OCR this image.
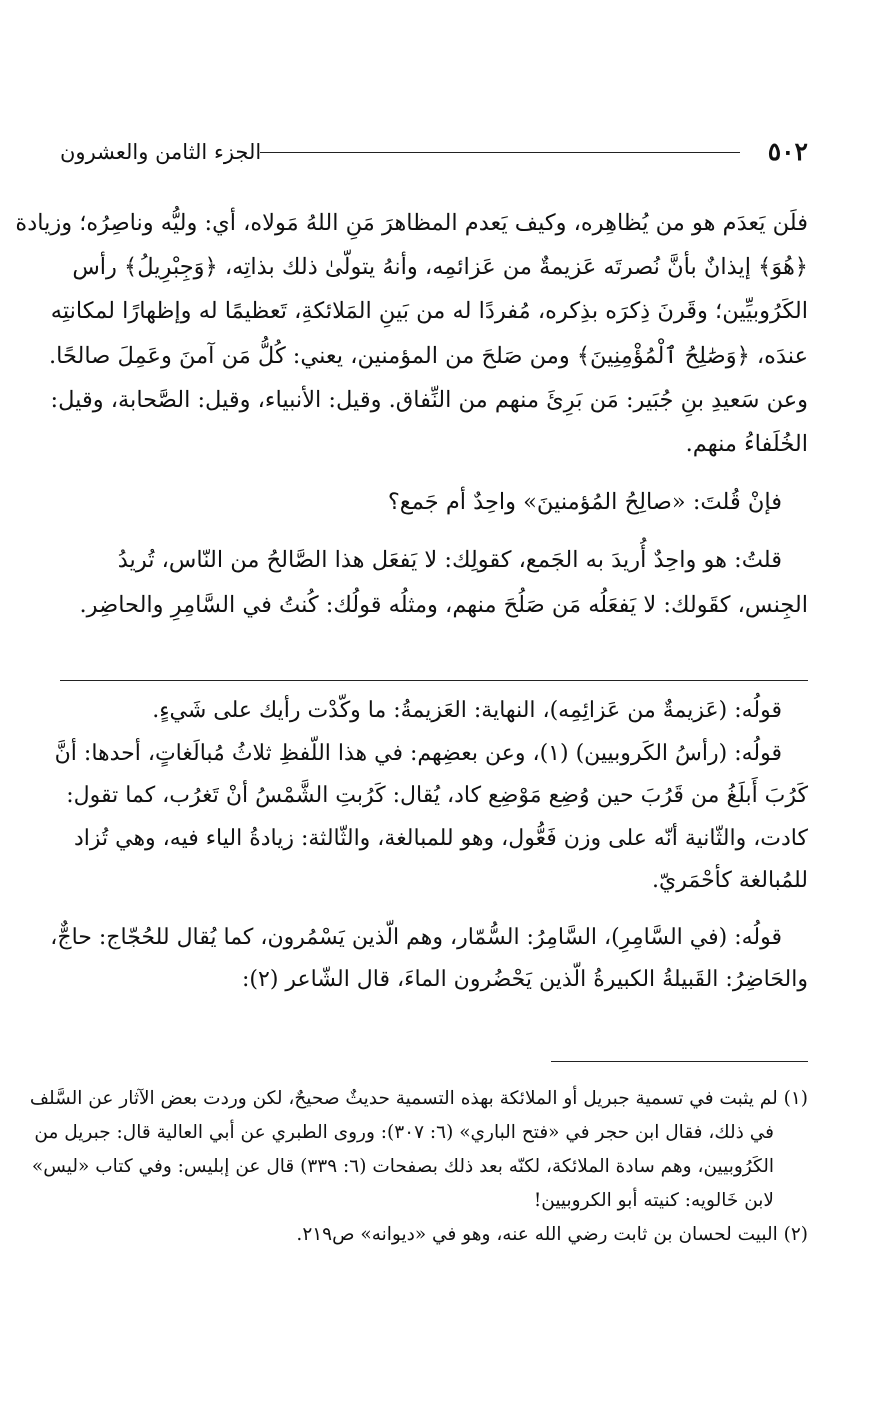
٥٠٢
الجزء الثامن والعشرون
فلَن يَعدَم هو من يُظاهِره، وكيف يَعدم المظاهرَ مَنِ اللهُ مَولاه، أي: وليُّه وناصِرُه؛ وزيادة
﴿هُوَ﴾ إيذانٌ بأنَّ نُصرتَه عَزيمةٌ من عَزائمِه، وأنهُ يتولّىٰ ذلك بذاتِه، ﴿وَجِبْرِيلُ﴾ رأس
الكَرُوبيِّين؛ وقَرنَ ذِكرَه بذِكره، مُفردًا له من بَينِ المَلائكةِ، تَعظيمًا له وإظهارًا لمكانتِه
عندَه، ﴿وَصَٰلِحُ ٱلْمُؤْمِنِينَ﴾ ومن صَلحَ من المؤمنين، يعني: كُلُّ مَن آمنَ وعَمِلَ صالحًا.
وعن سَعيدِ بنِ جُبَير: مَن بَرِئَ منهم من النِّفاق. وقيل: الأنبياء، وقيل: الصَّحابة، وقيل:
الخُلَفاءُ منهم.
فإنْ قُلتَ: «صالِحُ المُؤمنينَ» واحِدٌ أم جَمع؟
قلتُ: هو واحِدٌ أُريدَ به الجَمع، كقولِك: لا يَفعَل هذا الصَّالحُ من النّاس، تُريدُ
الجِنس، كقَولك: لا يَفعَلُه مَن صَلُحَ منهم، ومثلُه قولُك: كُنتُ في السَّامِرِ والحاضِر.
قولُه: (عَزيمةٌ من عَزائِمِه)، النهاية: العَزيمةُ: ما وكّدْت رأيك على شَيءٍ.
قولُه: (رأسُ الكَروبيين) (١)، وعن بعضِهم: في هذا اللّفظِ ثلاثُ مُبالَغاتٍ، أحدها: أنَّ
كَرُبَ أَبلَغُ من قَرُبَ حين وُضِع مَوْضِع كاد، يُقال: كَرُبتِ الشَّمْسُ أنْ تَغرُب، كما تقول:
كادت، والثّانية أنّه على وزن فَعُّول، وهو للمبالغة، والثّالثة: زيادةُ الياء فيه، وهي تُزاد
للمُبالغة كأحْمَريّ.
قولُه: (في السَّامِرِ)، السَّامِرُ: السُّمّار، وهم الّذين يَسْمُرون، كما يُقال للحُجّاج: حاجٌّ،
والحَاضِرُ: القَبيلةُ الكبيرةُ الّذين يَحْضُرون الماءَ، قال الشّاعر (٢):
(١) لم يثبت في تسمية جبريل أو الملائكة بهذه التسمية حديثٌ صحيحٌ، لكن وردت بعض الآثار عن السَّلف
في ذلك، فقال ابن حجر في «فتح الباري» (٦: ٣٠٧): وروى الطبري عن أبي العالية قال: جبريل من
الكَرُوبيين، وهم سادة الملائكة، لكنّه بعد ذلك بصفحات (٦: ٣٣٩) قال عن إبليس: وفي كتاب «ليس»
لابن خَالويه: كنيته أبو الكروبيين!
(٢) البيت لحسان بن ثابت رضي الله عنه، وهو في «ديوانه» ص٢١٩.
